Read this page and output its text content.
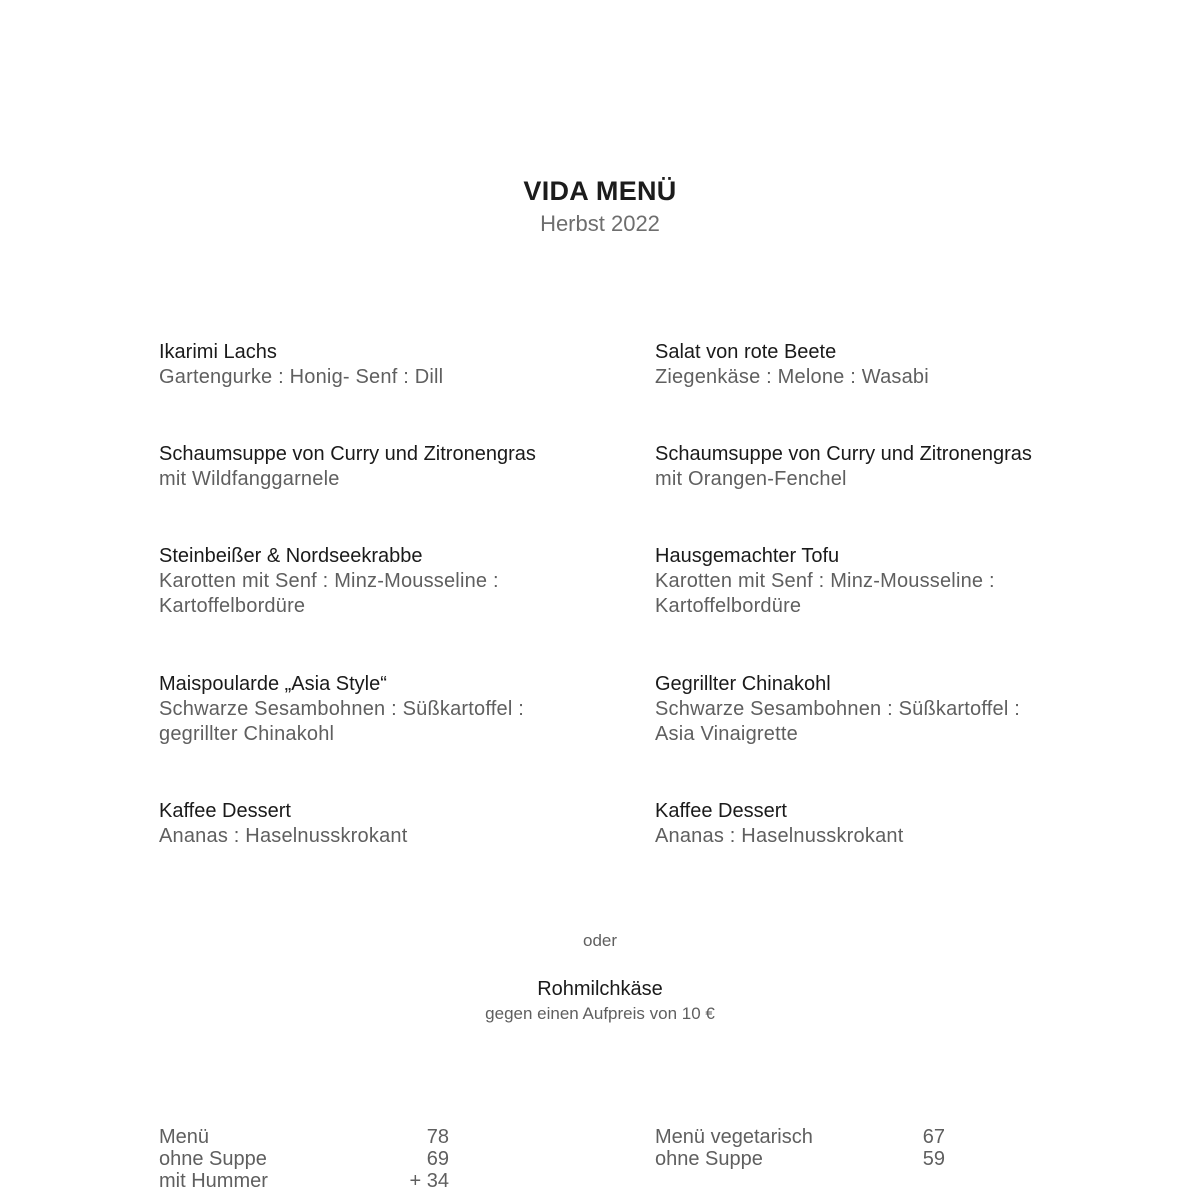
VIDA MENÜ
Herbst 2022
Ikarimi Lachs
Gartengurke : Honig- Senf : Dill
Schaumsuppe von Curry und Zitronengras
mit Wildfanggarnele
Steinbeißer & Nordseekrabbe
Karotten mit Senf : Minz-Mousseline :
Kartoffelbordüre
Maispoularde „Asia Style“
Schwarze Sesambohnen : Süßkartoffel :
gegrillter Chinakohl
Kaffee Dessert
Ananas : Haselnusskrokant
Salat von rote Beete
Ziegenkäse : Melone : Wasabi
Schaumsuppe von Curry und Zitronengras
mit Orangen-Fenchel
Hausgemachter Tofu
Karotten mit Senf : Minz-Mousseline :
Kartoffelbordüre
Gegrillter Chinakohl
Schwarze Sesambohnen : Süßkartoffel :
Asia Vinaigrette
Kaffee Dessert
Ananas : Haselnusskrokant
oder
Rohmilchkäse
gegen einen Aufpreis von 10 €
Menü	78
ohne Suppe	69
mit Hummer	+ 34
Menü vegetarisch	67
ohne Suppe	59
